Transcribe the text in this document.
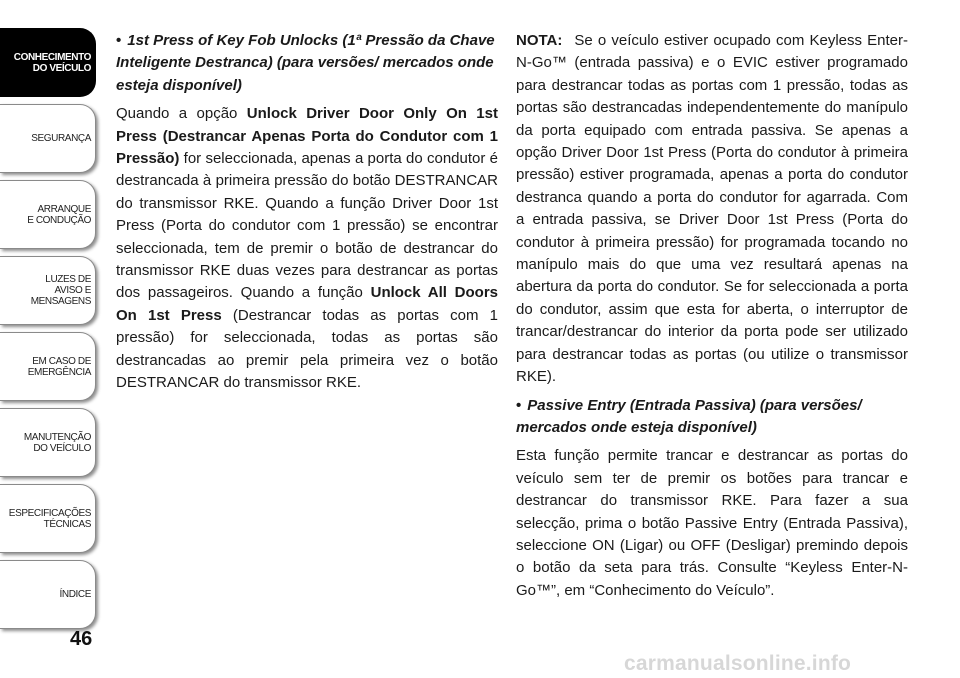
CONHECIMENTO
DO VEÍCULO
SEGURANÇA
ARRANQUE
E CONDUÇÃO
LUZES DE
AVISO E
MENSAGENS
EM CASO DE
EMERGÊNCIA
MANUTENÇÃO
DO VEÍCULO
ESPECIFICAÇÕES
TÉCNICAS
ÍNDICE
46

• 1st Press of Key Fob Unlocks (1ª Pressão da Chave Inteligente Destranca) (para versões/ mercados onde esteja disponível)

Quando a opção Unlock Driver Door Only On 1st Press (Destrancar Apenas Porta do Condutor com 1 Pressão) for seleccionada, apenas a porta do condutor é destrancada à primeira pressão do botão DESTRANCAR do transmissor RKE. Quando a função Driver Door 1st Press (Porta do condutor com 1 pressão) se encontrar seleccionada, tem de premir o botão de destrancar do transmissor RKE duas vezes para destrancar as portas dos passageiros. Quando a função Unlock All Doors On 1st Press (Destrancar todas as portas com 1 pressão) for seleccionada, todas as portas são destrancadas ao premir pela primeira vez o botão DESTRANCAR do transmissor RKE.

NOTA: Se o veículo estiver ocupado com Keyless Enter-N-Go™ (entrada passiva) e o EVIC estiver programado para destrancar todas as portas com 1 pressão, todas as portas são destrancadas independentemente do manípulo da porta equipado com entrada passiva. Se apenas a opção Driver Door 1st Press (Porta do condutor à primeira pressão) estiver programada, apenas a porta do condutor destranca quando a porta do condutor for agarrada. Com a entrada passiva, se Driver Door 1st Press (Porta do condutor à primeira pressão) for programada tocando no manípulo mais do que uma vez resultará apenas na abertura da porta do condutor. Se for seleccionada a porta do condutor, assim que esta for aberta, o interruptor de trancar/destrancar do interior da porta pode ser utilizado para destrancar todas as portas (ou utilize o transmissor RKE).

• Passive Entry (Entrada Passiva) (para versões/ mercados onde esteja disponível)

Esta função permite trancar e destrancar as portas do veículo sem ter de premir os botões para trancar e destrancar do transmissor RKE. Para fazer a sua selecção, prima o botão Passive Entry (Entrada Passiva), seleccione ON (Ligar) ou OFF (Desligar) premindo depois o botão da seta para trás. Consulte “Keyless Enter-N-Go™”, em “Conhecimento do Veículo”.

carmanualsonline.info
